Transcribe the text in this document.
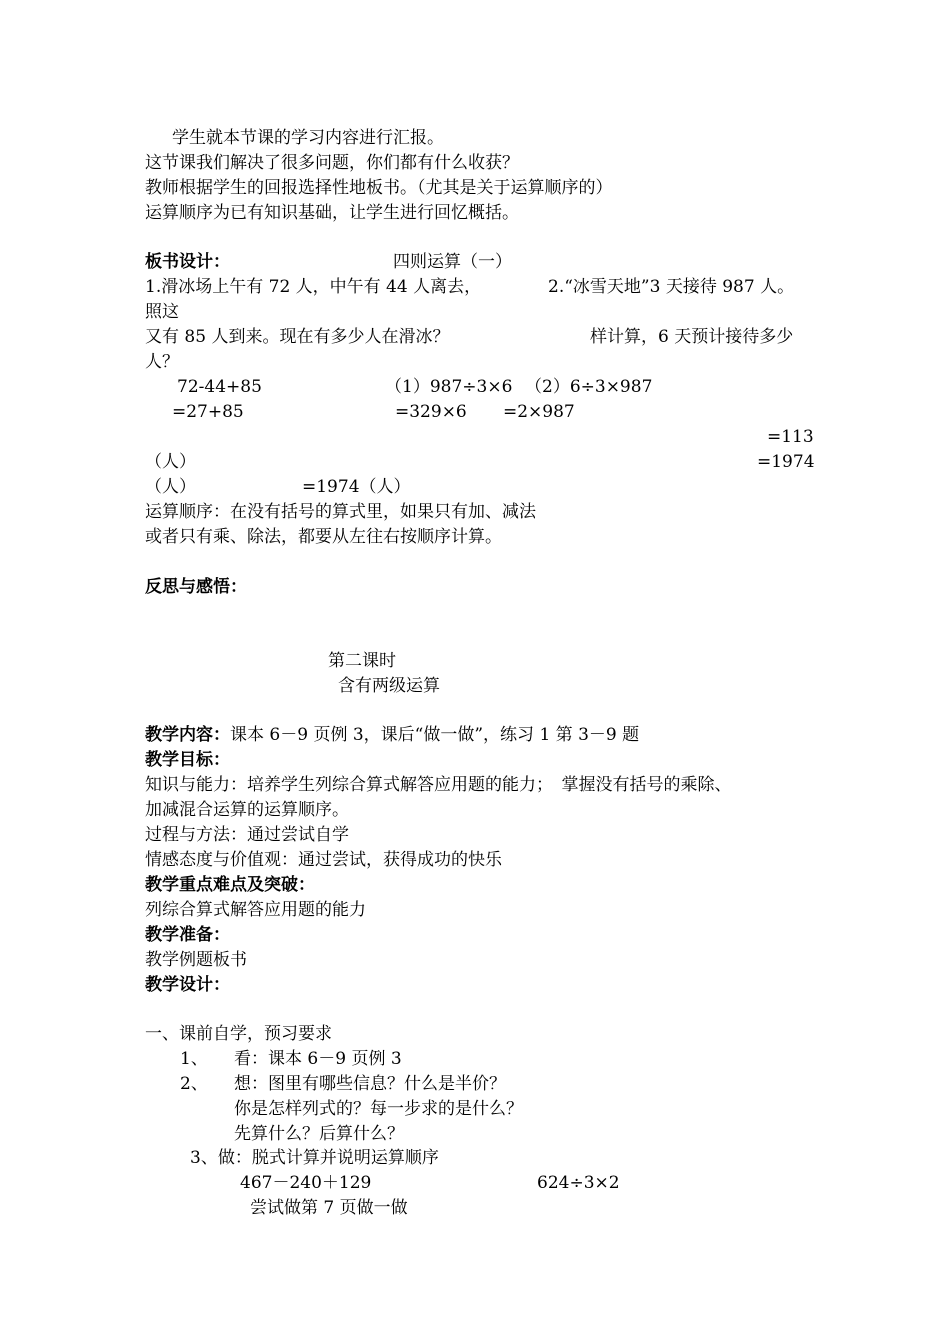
学生就本节课的学习内容进行汇报。
这节课我们解决了很多问题，你们都有什么收获？
教师根据学生的回报选择性地板书。（尤其是关于运算顺序的）
运算顺序为已有知识基础，让学生进行回忆概括。
板书设计：	四则运算（一）
1.滑冰场上午有 72 人，中午有 44 人离去，	2.“冰雪天地”3 天接待 987 人。
照这
又有 85 人到来。现在有多少人在滑冰？	样计算，6 天预计接待多少
人？
72-44+85	（1）987÷3×6 （2）6÷3×987
=27+85	=329×6 =2×987
=113
（人）	=1974
（人）	=1974（人）
运算顺序：在没有括号的算式里，如果只有加、减法
或者只有乘、除法，都要从左往右按顺序计算。
反思与感悟：
第二课时
含有两级运算
教学内容：课本 6－9 页例 3，课后“做一做”，练习 1 第 3－9 题
教学目标：
知识与能力：培养学生列综合算式解答应用题的能力；　掌握没有括号的乘除、
加减混合运算的运算顺序。
过程与方法：通过尝试自学
情感态度与价值观：通过尝试，获得成功的快乐
教学重点难点及突破：
列综合算式解答应用题的能力
教学准备：
教学例题板书
教学设计：
一、课前自学，预习要求
1、 看：课本 6－9 页例 3
2、 想：图里有哪些信息？什么是半价？
你是怎样列式的？每一步求的是什么？
先算什么？后算什么？
3、做：脱式计算并说明运算顺序
467－240＋129	624÷3×2
尝试做第 7 页做一做
